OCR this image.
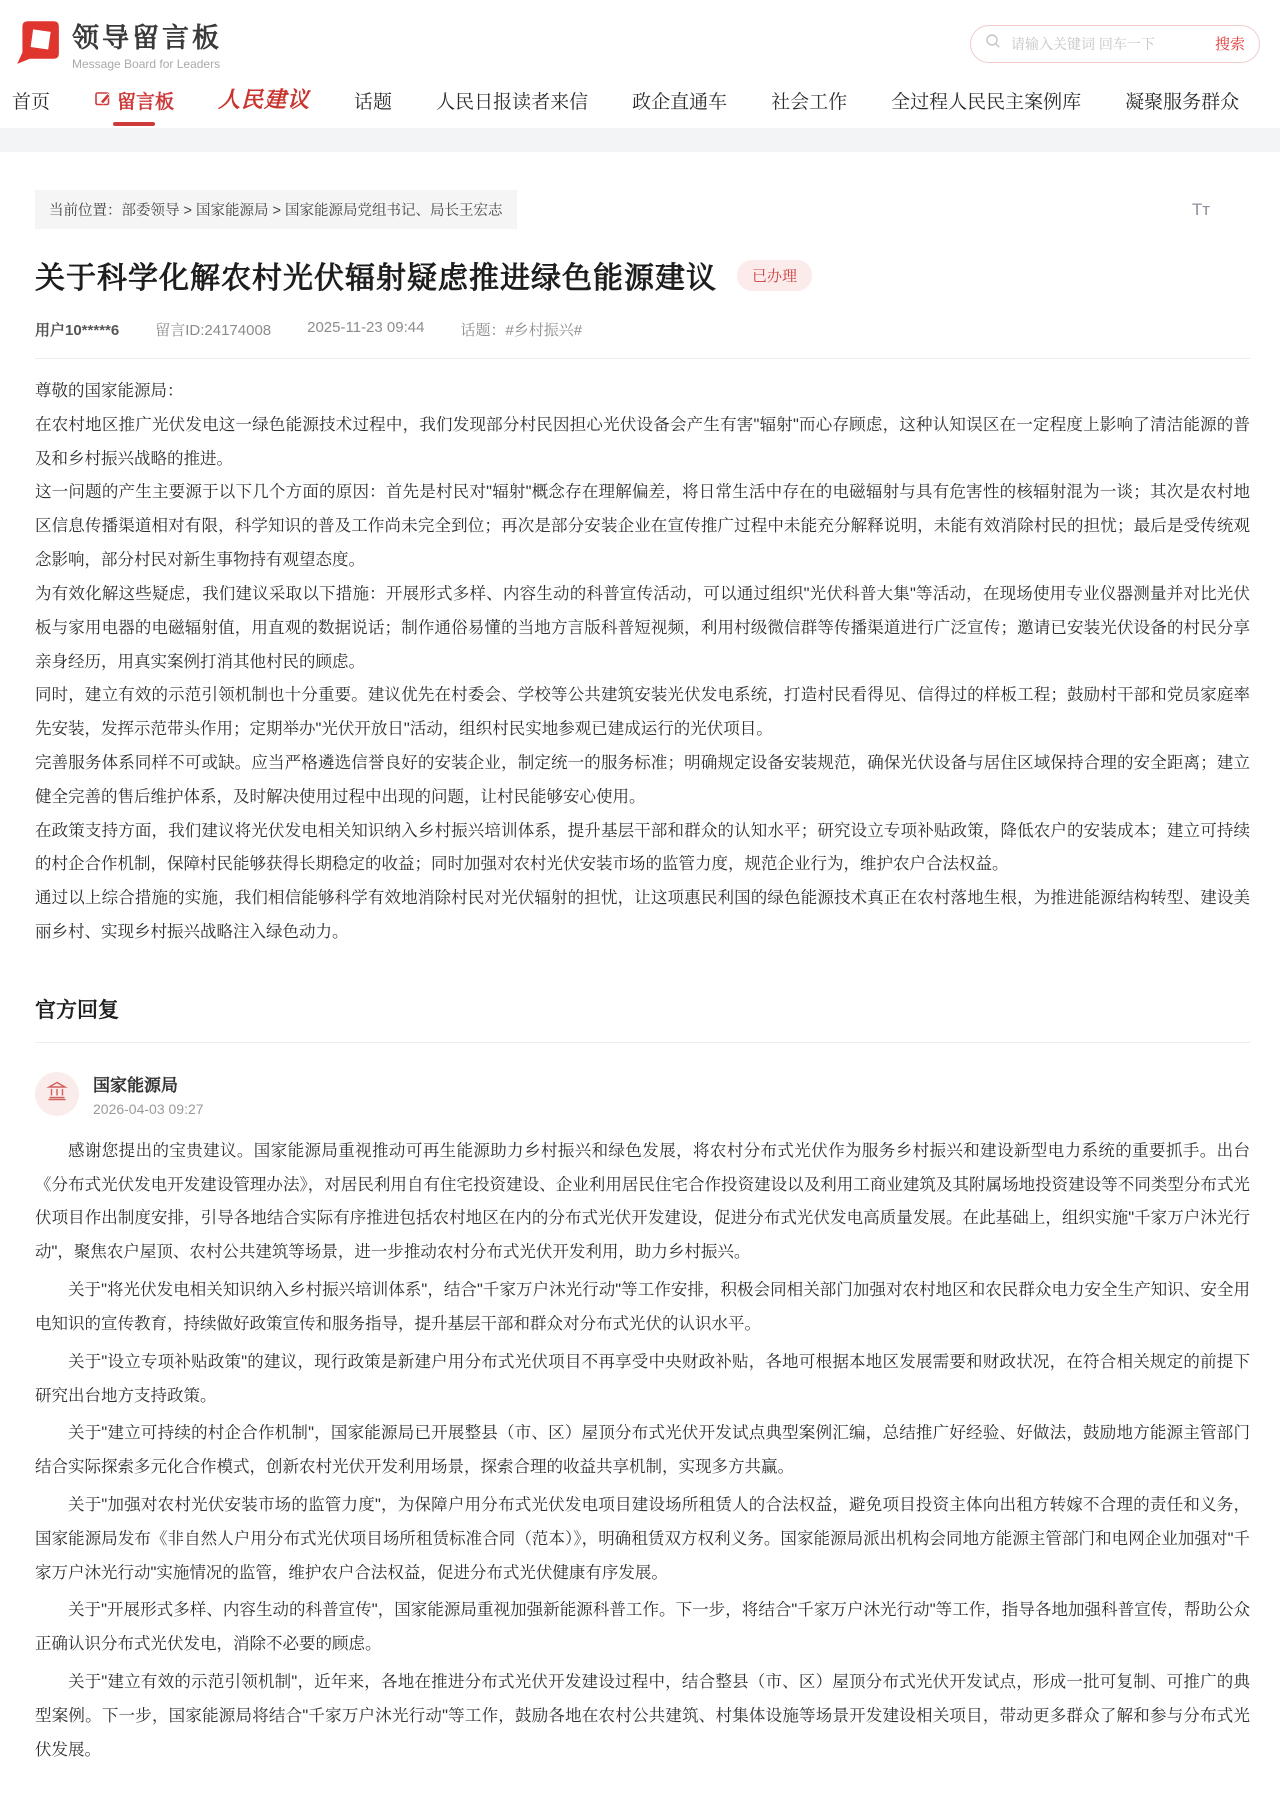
领导留言板
Message Board for Leaders
请输入关键词 回车一下
搜索
首页	留言板 人民建议 话题 人民日报读者来信 政企直通车 社会工作 全过程人民民主案例库 凝聚服务群众
当前位置：部委领导 > 国家能源局 > 国家能源局党组书记、局长王宏志	Tт
关于科学化解农村光伏辐射疑虑推进绿色能源建议	已办理
用户10*****6 留言ID:24174008 2025-11-23 09:44 话题：#乡村振兴#

尊敬的国家能源局：

在农村地区推广光伏发电这一绿色能源技术过程中，我们发现部分村民因担心光伏设备会产生有害"辐射"而心存顾虑，这种认知误区在一定程度上影响了清洁能源的普及和乡村振兴战略的推进。

这一问题的产生主要源于以下几个方面的原因：首先是村民对"辐射"概念存在理解偏差，将日常生活中存在的电磁辐射与具有危害性的核辐射混为一谈；其次是农村地区信息传播渠道相对有限，科学知识的普及工作尚未完全到位；再次是部分安装企业在宣传推广过程中未能充分解释说明，未能有效消除村民的担忧；最后是受传统观念影响，部分村民对新生事物持有观望态度。

为有效化解这些疑虑，我们建议采取以下措施：开展形式多样、内容生动的科普宣传活动，可以通过组织"光伏科普大集"等活动，在现场使用专业仪器测量并对比光伏板与家用电器的电磁辐射值，用直观的数据说话；制作通俗易懂的当地方言版科普短视频，利用村级微信群等传播渠道进行广泛宣传；邀请已安装光伏设备的村民分享亲身经历，用真实案例打消其他村民的顾虑。

同时，建立有效的示范引领机制也十分重要。建议优先在村委会、学校等公共建筑安装光伏发电系统，打造村民看得见、信得过的样板工程；鼓励村干部和党员家庭率先安装，发挥示范带头作用；定期举办"光伏开放日"活动，组织村民实地参观已建成运行的光伏项目。

完善服务体系同样不可或缺。应当严格遴选信誉良好的安装企业，制定统一的服务标准；明确规定设备安装规范，确保光伏设备与居住区域保持合理的安全距离；建立健全完善的售后维护体系，及时解决使用过程中出现的问题，让村民能够安心使用。

在政策支持方面，我们建议将光伏发电相关知识纳入乡村振兴培训体系，提升基层干部和群众的认知水平；研究设立专项补贴政策，降低农户的安装成本；建立可持续的村企合作机制，保障村民能够获得长期稳定的收益；同时加强对农村光伏安装市场的监管力度，规范企业行为，维护农户合法权益。

通过以上综合措施的实施，我们相信能够科学有效地消除村民对光伏辐射的担忧，让这项惠民利国的绿色能源技术真正在农村落地生根，为推进能源结构转型、建设美丽乡村、实现乡村振兴战略注入绿色动力。

官方回复
国家能源局
2026-04-03 09:27

感谢您提出的宝贵建议。国家能源局重视推动可再生能源助力乡村振兴和绿色发展，将农村分布式光伏作为服务乡村振兴和建设新型电力系统的重要抓手。出台《分布式光伏发电开发建设管理办法》，对居民利用自有住宅投资建设、企业利用居民住宅合作投资建设以及利用工商业建筑及其附属场地投资建设等不同类型分布式光伏项目作出制度安排，引导各地结合实际有序推进包括农村地区在内的分布式光伏开发建设，促进分布式光伏发电高质量发展。在此基础上，组织实施"千家万户沐光行动"，聚焦农户屋顶、农村公共建筑等场景，进一步推动农村分布式光伏开发利用，助力乡村振兴。

关于"将光伏发电相关知识纳入乡村振兴培训体系"，结合"千家万户沐光行动"等工作安排，积极会同相关部门加强对农村地区和农民群众电力安全生产知识、安全用电知识的宣传教育，持续做好政策宣传和服务指导，提升基层干部和群众对分布式光伏的认识水平。

关于"设立专项补贴政策"的建议，现行政策是新建户用分布式光伏项目不再享受中央财政补贴，各地可根据本地区发展需要和财政状况，在符合相关规定的前提下研究出台地方支持政策。

关于"建立可持续的村企合作机制"，国家能源局已开展整县（市、区）屋顶分布式光伏开发试点典型案例汇编，总结推广好经验、好做法，鼓励地方能源主管部门结合实际探索多元化合作模式，创新农村光伏开发利用场景，探索合理的收益共享机制，实现多方共赢。

关于"加强对农村光伏安装市场的监管力度"，为保障户用分布式光伏发电项目建设场所租赁人的合法权益，避免项目投资主体向出租方转嫁不合理的责任和义务，国家能源局发布《非自然人户用分布式光伏项目场所租赁标准合同（范本）》，明确租赁双方权利义务。国家能源局派出机构会同地方能源主管部门和电网企业加强对"千家万户沐光行动"实施情况的监管，维护农户合法权益，促进分布式光伏健康有序发展。

关于"开展形式多样、内容生动的科普宣传"，国家能源局重视加强新能源科普工作。下一步，将结合"千家万户沐光行动"等工作，指导各地加强科普宣传，帮助公众正确认识分布式光伏发电，消除不必要的顾虑。

关于"建立有效的示范引领机制"，近年来，各地在推进分布式光伏开发建设过程中，结合整县（市、区）屋顶分布式光伏开发试点，形成一批可复制、可推广的典型案例。下一步，国家能源局将结合"千家万户沐光行动"等工作，鼓励各地在农村公共建筑、村集体设施等场景开发建设相关项目，带动更多群众了解和参与分布式光伏发展。
